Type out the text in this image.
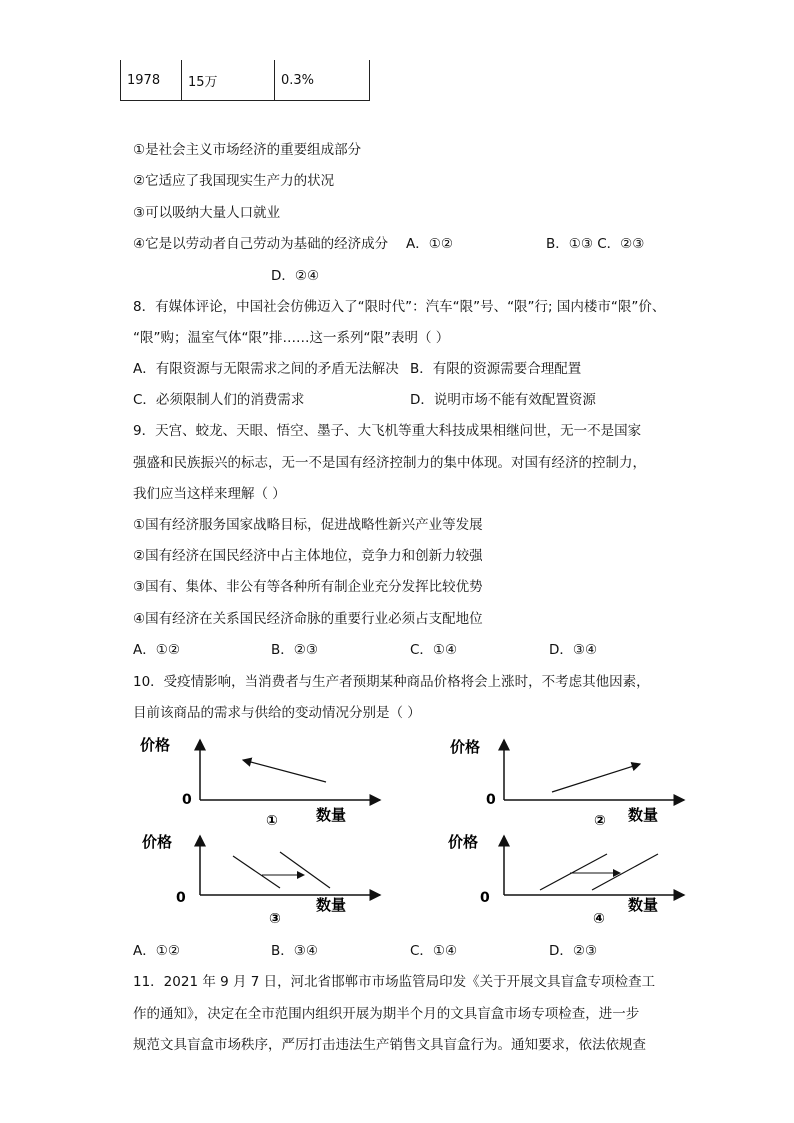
1978	15万	0.3%
①是社会主义市场经济的重要组成部分
②它适应了我国现实生产力的状况
③可以吸纳大量人口就业
④它是以劳动者自己劳动为基础的经济成分 A．①②	B．①③ C．②③
D．②④
8．有媒体评论，中国社会仿佛迈入了“限时代”：汽车“限”号、“限”行; 国内楼市“限”价、
“限”购；温室气体“限”排……这一系列“限”表明（ ）
A．有限资源与无限需求之间的矛盾无法解决 B．有限的资源需要合理配置
C．必须限制人们的消费需求	D．说明市场不能有效配置资源
9．天宫、蛟龙、天眼、悟空、墨子、大飞机等重大科技成果相继问世，无一不是国家
强盛和民族振兴的标志，无一不是国有经济控制力的集中体现。对国有经济的控制力，
我们应当这样来理解（ ）
①国有经济服务国家战略目标，促进战略性新兴产业等发展
②国有经济在国民经济中占主体地位，竞争力和创新力较强
③国有、集体、非公有等各种所有制企业充分发挥比较优势
④国有经济在关系国民经济命脉的重要行业必须占支配地位
A．①②	B．②③	C．①④	D．③④
10．受疫情影响，当消费者与生产者预期某种商品价格将会上涨时，不考虑其他因素，
目前该商品的需求与供给的变动情况分别是（ ）
价格
0
数量
①
价格
0
数量
②
价格
0	数量
③
价格
0	数量
④
A．①②	B．③④	C．①④	D．②③
11．2021 年 9 月 7 日，河北省邯郸市市场监管局印发《关于开展文具盲盒专项检查工
作的通知》，决定在全市范围内组织开展为期半个月的文具盲盒市场专项检查，进一步
规范文具盲盒市场秩序，严厉打击违法生产销售文具盲盒行为。通知要求，依法依规查
